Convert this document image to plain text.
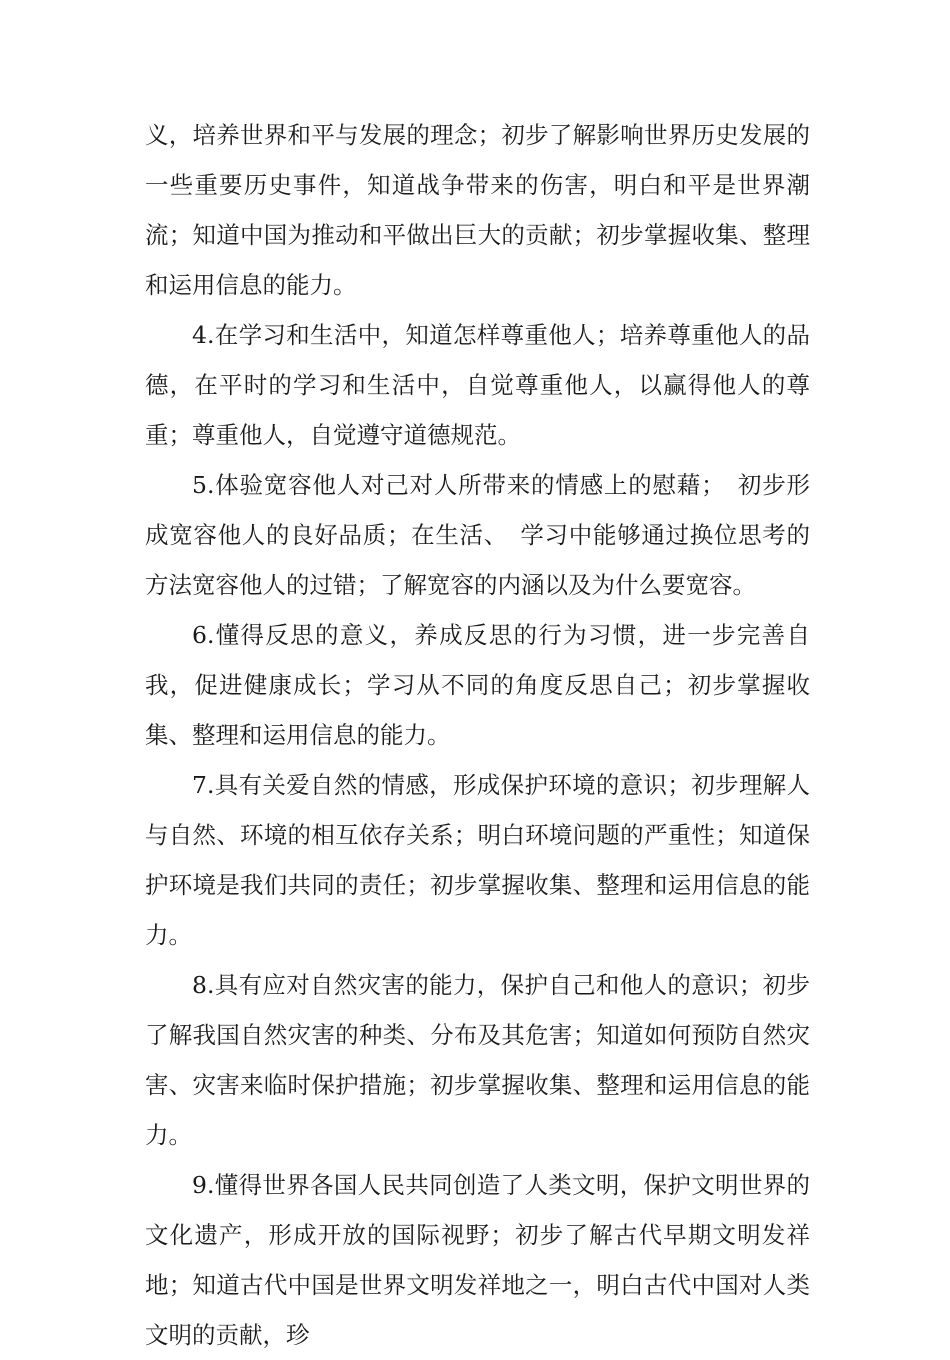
义，培养世界和平与发展的理念；初步了解影响世界历史发展的一些重要历史事件，知道战争带来的伤害，明白和平是世界潮流；知道中国为推动和平做出巨大的贡献；初步掌握收集、整理和运用信息的能力。

4.在学习和生活中，知道怎样尊重他人；培养尊重他人的品德，在平时的学习和生活中，自觉尊重他人，以赢得他人的尊重；尊重他人，自觉遵守道德规范。

5.体验宽容他人对己对人所带来的情感上的慰藉；　初步形成宽容他人的良好品质；在生活、　学习中能够通过换位思考的方法宽容他人的过错；了解宽容的内涵以及为什么要宽容。

6.懂得反思的意义，养成反思的行为习惯，进一步完善自我，促进健康成长；学习从不同的角度反思自己；初步掌握收集、整理和运用信息的能力。

7.具有关爱自然的情感，形成保护环境的意识；初步理解人与自然、环境的相互依存关系；明白环境问题的严重性；知道保护环境是我们共同的责任；初步掌握收集、整理和运用信息的能力。

8.具有应对自然灾害的能力，保护自己和他人的意识；初步了解我国自然灾害的种类、分布及其危害；知道如何预防自然灾害、灾害来临时保护措施；初步掌握收集、整理和运用信息的能力。

9.懂得世界各国人民共同创造了人类文明，保护文明世界的文化遗产，形成开放的国际视野；初步了解古代早期文明发祥地；知道古代中国是世界文明发祥地之一，明白古代中国对人类文明的贡献，珍
